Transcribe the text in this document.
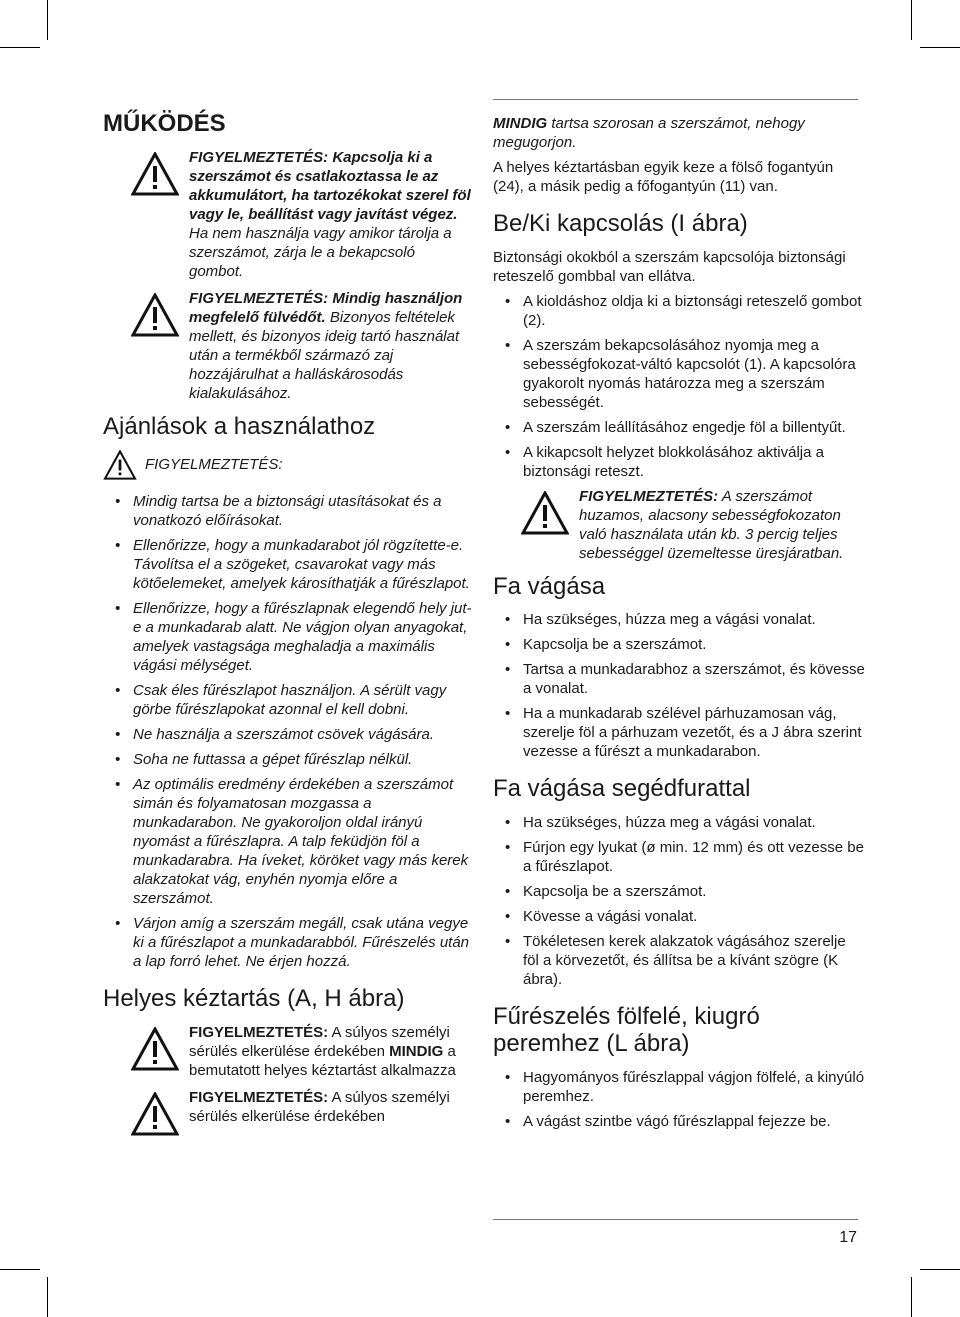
MŰKÖDÉS
FIGYELMEZTETÉS: Kapcsolja ki a szerszámot és csatlakoztassa le az akkumulátort, ha tartozékokat szerel föl vagy le, beállítást vagy javítást végez. Ha nem használja vagy amikor tárolja a szerszámot, zárja le a bekapcsoló gombot.
FIGYELMEZTETÉS: Mindig használjon megfelelő fülvédőt. Bizonyos feltételek mellett, és bizonyos ideig tartó használat után a termékből származó zaj hozzájárulhat a halláskárosodás kialakulásához.
Ajánlások a használathoz
FIGYELMEZTETÉS:
• Mindig tartsa be a biztonsági utasításokat és a vonatkozó előírásokat.
• Ellenőrizze, hogy a munkadarabot jól rögzítette-e. Távolítsa el a szögeket, csavarokat vagy más kötőelemeket, amelyek károsíthatják a fűrészlapot.
• Ellenőrizze, hogy a fűrészlapnak elegendő hely jut-e a munkadarab alatt. Ne vágjon olyan anyagokat, amelyek vastagsága meghaladja a maximális vágási mélységet.
• Csak éles fűrészlapot használjon. A sérült vagy görbe fűrészlapokat azonnal el kell dobni.
• Ne használja a szerszámot csövek vágására.
• Soha ne futtassa a gépet fűrészlap nélkül.
• Az optimális eredmény érdekében a szerszámot simán és folyamatosan mozgassa a munkadarabon. Ne gyakoroljon oldal irányú nyomást a fűrészlapra. A talp feküdjön föl a munkadarabra. Ha íveket, köröket vagy más kerek alakzatokat vág, enyhén nyomja előre a szerszámot.
• Várjon amíg a szerszám megáll, csak utána vegye ki a fűrészlapot a munkadarabból. Fűrészelés után a lap forró lehet. Ne érjen hozzá.
Helyes kéztartás (A, H ábra)
FIGYELMEZTETÉS: A súlyos személyi sérülés elkerülése érdekében MINDIG a bemutatott helyes kéztartást alkalmazza
FIGYELMEZTETÉS: A súlyos személyi sérülés elkerülése érdekében

MINDIG tartsa szorosan a szerszámot, nehogy megugorjon.

A helyes kéztartásban egyik keze a fölső fogantyún (24), a másik pedig a főfogantyún (11) van.

Be/Ki kapcsolás (I ábra)

Biztonsági okokból a szerszám kapcsolója biztonsági reteszelő gombbal van ellátva.

• A kioldáshoz oldja ki a biztonsági reteszelő gombot (2).
• A szerszám bekapcsolásához nyomja meg a sebességfokozat-váltó kapcsolót (1). A kapcsolóra gyakorolt nyomás határozza meg a szerszám sebességét.
• A szerszám leállításához engedje föl a billentyűt.
• A kikapcsolt helyzet blokkolásához aktiválja a biztonsági reteszt.
FIGYELMEZTETÉS: A szerszámot huzamos, alacsony sebességfokozaton való használata után kb. 3 percig teljes sebességgel üzemeltesse üresjáratban.
Fa vágása
• Ha szükséges, húzza meg a vágási vonalat.
• Kapcsolja be a szerszámot.
• Tartsa a munkadarabhoz a szerszámot, és kövesse a vonalat.
• Ha a munkadarab szélével párhuzamosan vág, szerelje föl a párhuzam vezetőt, és a J ábra szerint vezesse a fűrészt a munkadarabon.
Fa vágása segédfurattal
• Ha szükséges, húzza meg a vágási vonalat.
• Fúrjon egy lyukat (ø min. 12 mm) és ott vezesse be a fűrészlapot.
• Kapcsolja be a szerszámot.
• Kövesse a vágási vonalat.
• Tökéletesen kerek alakzatok vágásához szerelje föl a körvezetőt, és állítsa be a kívánt szögre (K ábra).
Fűrészelés fölfelé, kiugró peremhez (L ábra)
• Hagyományos fűrészlappal vágjon fölfelé, a kinyúló peremhez.
• A vágást szintbe vágó fűrészlappal fejezze be.
17
